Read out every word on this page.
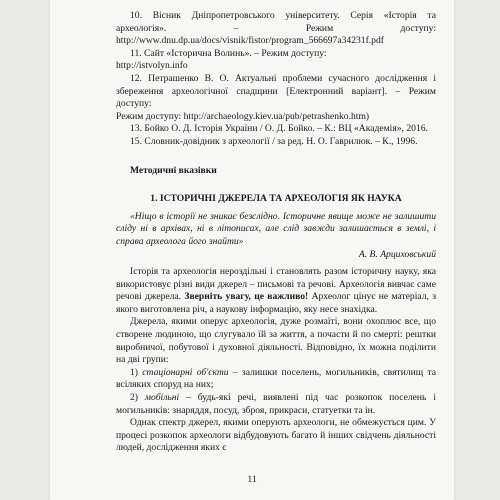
10. Вісник Дніпропетровського університету. Серія «Історія та археологія». – Режим доступу: http://www.dnu.dp.ua/docs/visnik/fistor/program_566697a34231f.pdf

11. Сайт «Історична Волинь». – Режим доступу:
http://istvolyn.info

12. Петрашенко В. О. Актуальні проблеми сучасного дослідження і збереження археологічної спадщини [Електронний варіант]. – Режим доступу:
Режим доступу: http://archaeology.kiev.ua/pub/petrashenko.htm)

13. Бойко О. Д. Історія України / О. Д. Бойко. – К.: ВЦ «Академія», 2016.

15. Словник-довідник з археології / за ред. Н. О. Гаврилюк. – К., 1996.

Методичні вказівки

1. ІСТОРИЧНІ ДЖЕРЕЛА ТА АРХЕОЛОГІЯ ЯК НАУКА

«Ніщо в історії не зникає безслідно. Історичне явище може не залишити сліду ні в архівах, ні в літописах, але слід завжди залишається в землі, і справа археолога його знайти»

А. В. Арциховський

Історія та археологія нероздільні і становлять разом історичну науку, яка використовує різні види джерел – письмові та речові. Археологія вивчає саме речові джерела. Зверніть увагу, це важливо! Археолог цінує не матеріал, з якого виготовлена річ, а наукову інформацію, яку несе знахідка.

Джерела, якими оперує археологія, дуже розмаїті, вони охоплює все, що створене людиною, що слугувало їй за життя, а почасти й по смерті: рештки виробничої, побутової і духовної діяльності. Відповідно, їх можна поділити на дві групи:

1) стаціонарні об'єкти – залишки поселень, могильників, святилищ та всіляких споруд на них;

2) мобільні – будь-які речі, виявлені під час розкопок поселень і могильників: знаряддя, посуд, зброя, прикраси, статуетки та ін.

Однак спектр джерел, якими оперують археологи, не обмежується цим. У процесі розкопок археологи відбудовують багато й інших свідчень діяльності людей, дослідження яких є

11
